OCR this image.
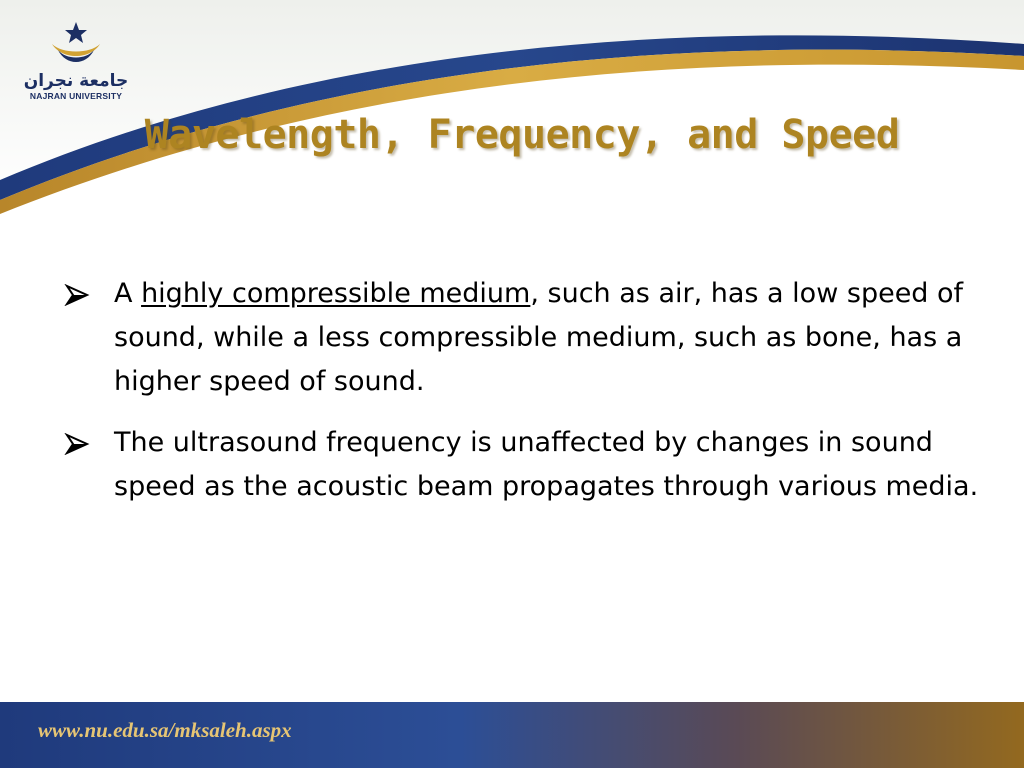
جامعة نجران
NAJRAN UNIVERSITY
Wavelength, Frequency, and Speed
A highly compressible medium, such as air, has a low speed of sound, while a less compressible medium, such as bone, has a higher speed of sound.
The ultrasound frequency is unaffected by changes in sound speed as the acoustic beam propagates through various media.
www.nu.edu.sa/mksaleh.aspx
